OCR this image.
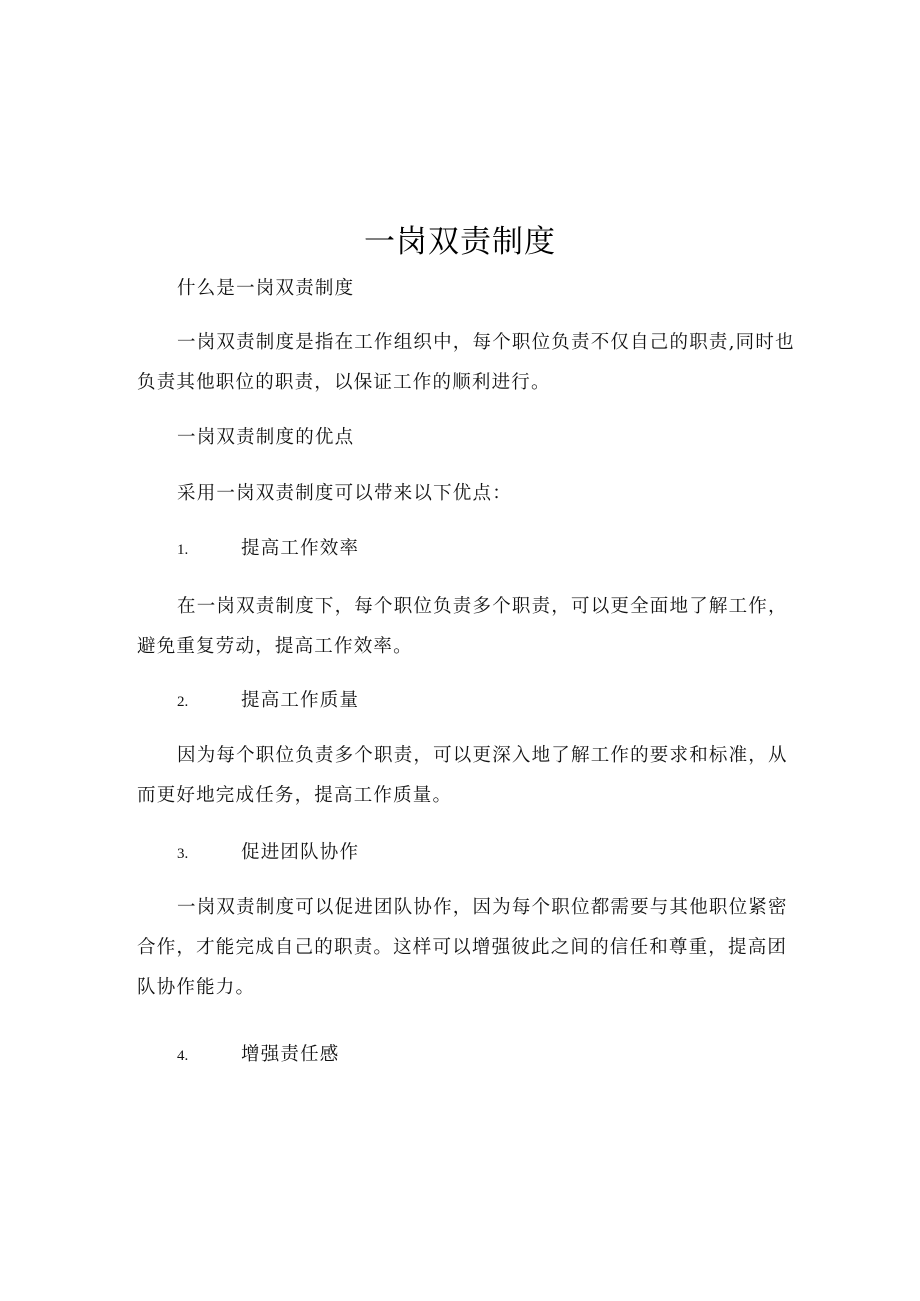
一岗双责制度

什么是一岗双责制度

一岗双责制度是指在工作组织中，每个职位负责不仅自己的职责,同时也负责其他职位的职责，以保证工作的顺利进行。

一岗双责制度的优点

采用一岗双责制度可以带来以下优点：

1.	提高工作效率

在一岗双责制度下，每个职位负责多个职责，可以更全面地了解工作，避免重复劳动，提高工作效率。

2.	提高工作质量

因为每个职位负责多个职责，可以更深入地了解工作的要求和标准，从而更好地完成任务，提高工作质量。

3.	促进团队协作

一岗双责制度可以促进团队协作，因为每个职位都需要与其他职位紧密合作，才能完成自己的职责。这样可以增强彼此之间的信任和尊重，提高团队协作能力。

4.	增强责任感
